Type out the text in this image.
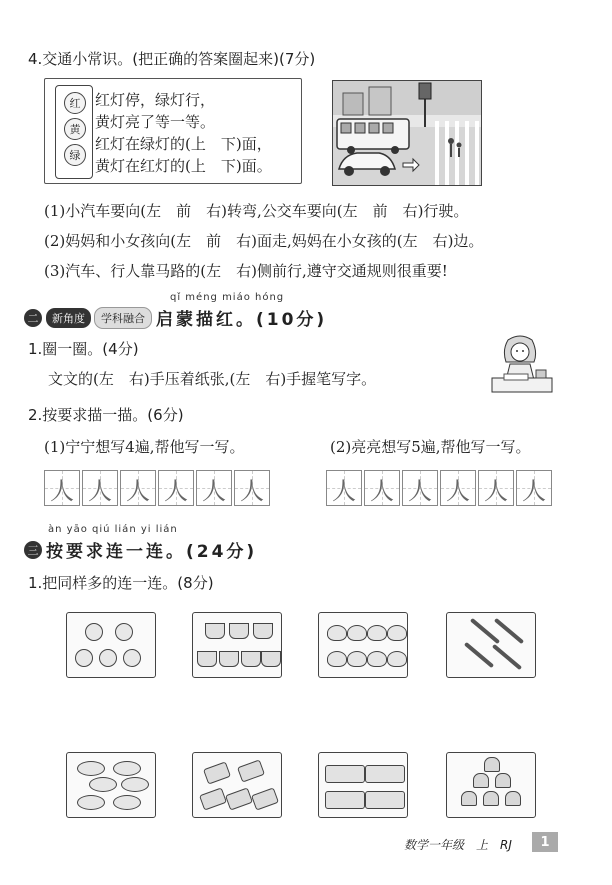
4.交通小常识。(把正确的答案圈起来)(7分)
红
黄
绿
红灯停，绿灯行，
黄灯亮了等一等。
红灯在绿灯的(上　下)面，
黄灯在红灯的(上　下)面。
(1)小汽车要向(左　前　右)转弯,公交车要向(左　前　右)行驶。
(2)妈妈和小女孩向(左　前　右)面走,妈妈在小女孩的(左　右)边。
(3)汽车、行人靠马路的(左　右)侧前行,遵守交通规则很重要!
qǐ méng miáo hóng
二	新角度	学科融合 启蒙描红。(10分)
1.圈一圈。(4分)
文文的(左　右)手压着纸张,(左　右)手握笔写字。
2.按要求描一描。(6分)
(1)宁宁想写4遍,帮他写一写。	(2)亮亮想写5遍,帮他写一写。
人 人 人 人 人 人	人 人 人 人 人 人
àn yāo qiú lián yi lián
三 按要求连一连。(24分)
1.把同样多的连一连。(8分)
数学一年级　上　RJ	1
